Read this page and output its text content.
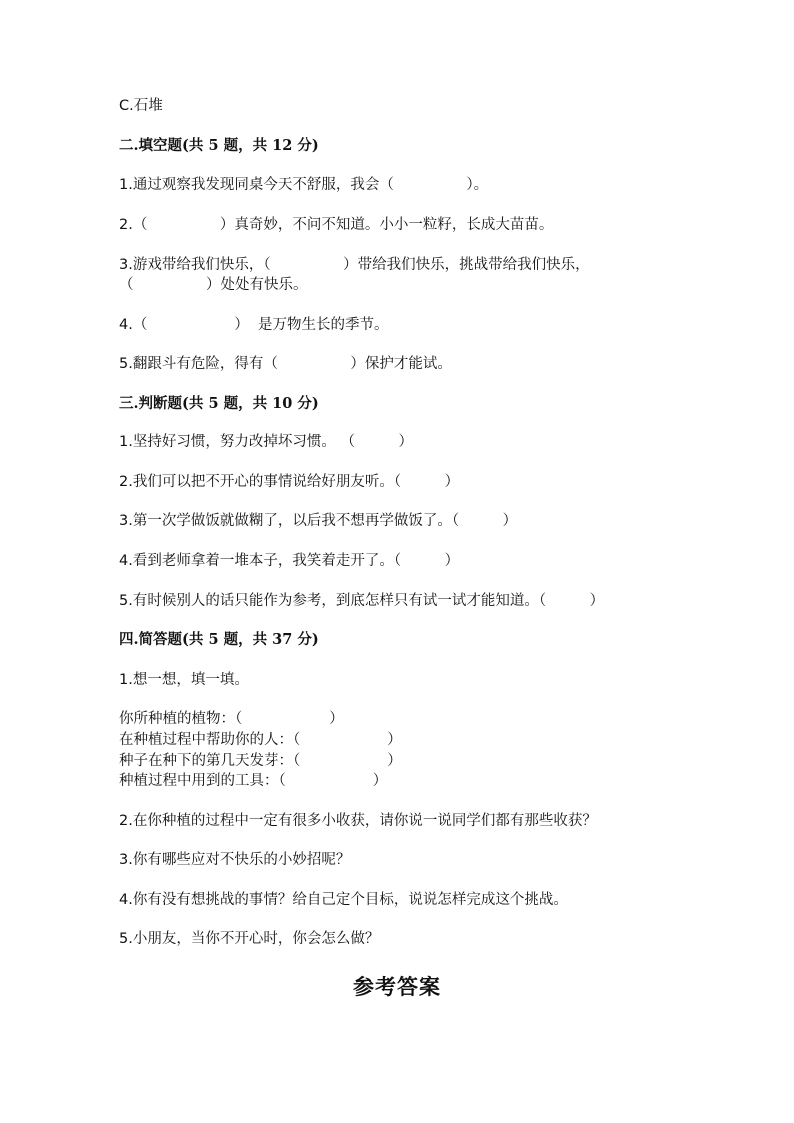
C.石堆
二.填空题(共 5 题，共 12 分)
1.通过观察我发现同桌今天不舒服，我会（　　　　　）。
2.（　　　　　）真奇妙，不问不知道。小小一粒籽，长成大苗苗。
3.游戏带给我们快乐，（　　　　　）带给我们快乐，挑战带给我们快乐，
（　　　　　）处处有快乐。
4.（　　　　　　）  是万物生长的季节。
5.翻跟斗有危险，得有（　　　　　）保护才能试。
三.判断题(共 5 题，共 10 分)
1.坚持好习惯，努力改掉坏习惯。 （　　　）
2.我们可以把不开心的事情说给好朋友听。（　　　）
3.第一次学做饭就做糊了，以后我不想再学做饭了。（　　　）
4.看到老师拿着一堆本子，我笑着走开了。（　　　）
5.有时候别人的话只能作为参考，到底怎样只有试一试才能知道。（　　　）
四.简答题(共 5 题，共 37 分)
1.想一想，填一填。
你所种植的植物：（　　　　　　）
在种植过程中帮助你的人：（　　　　　　）
种子在种下的第几天发芽：（　　　　　　）
种植过程中用到的工具：（　　　　　　）
2.在你种植的过程中一定有很多小收获，请你说一说同学们都有那些收获？
3.你有哪些应对不快乐的小妙招呢？
4.你有没有想挑战的事情？给自己定个目标，说说怎样完成这个挑战。
5.小朋友，当你不开心时，你会怎么做？
参考答案
